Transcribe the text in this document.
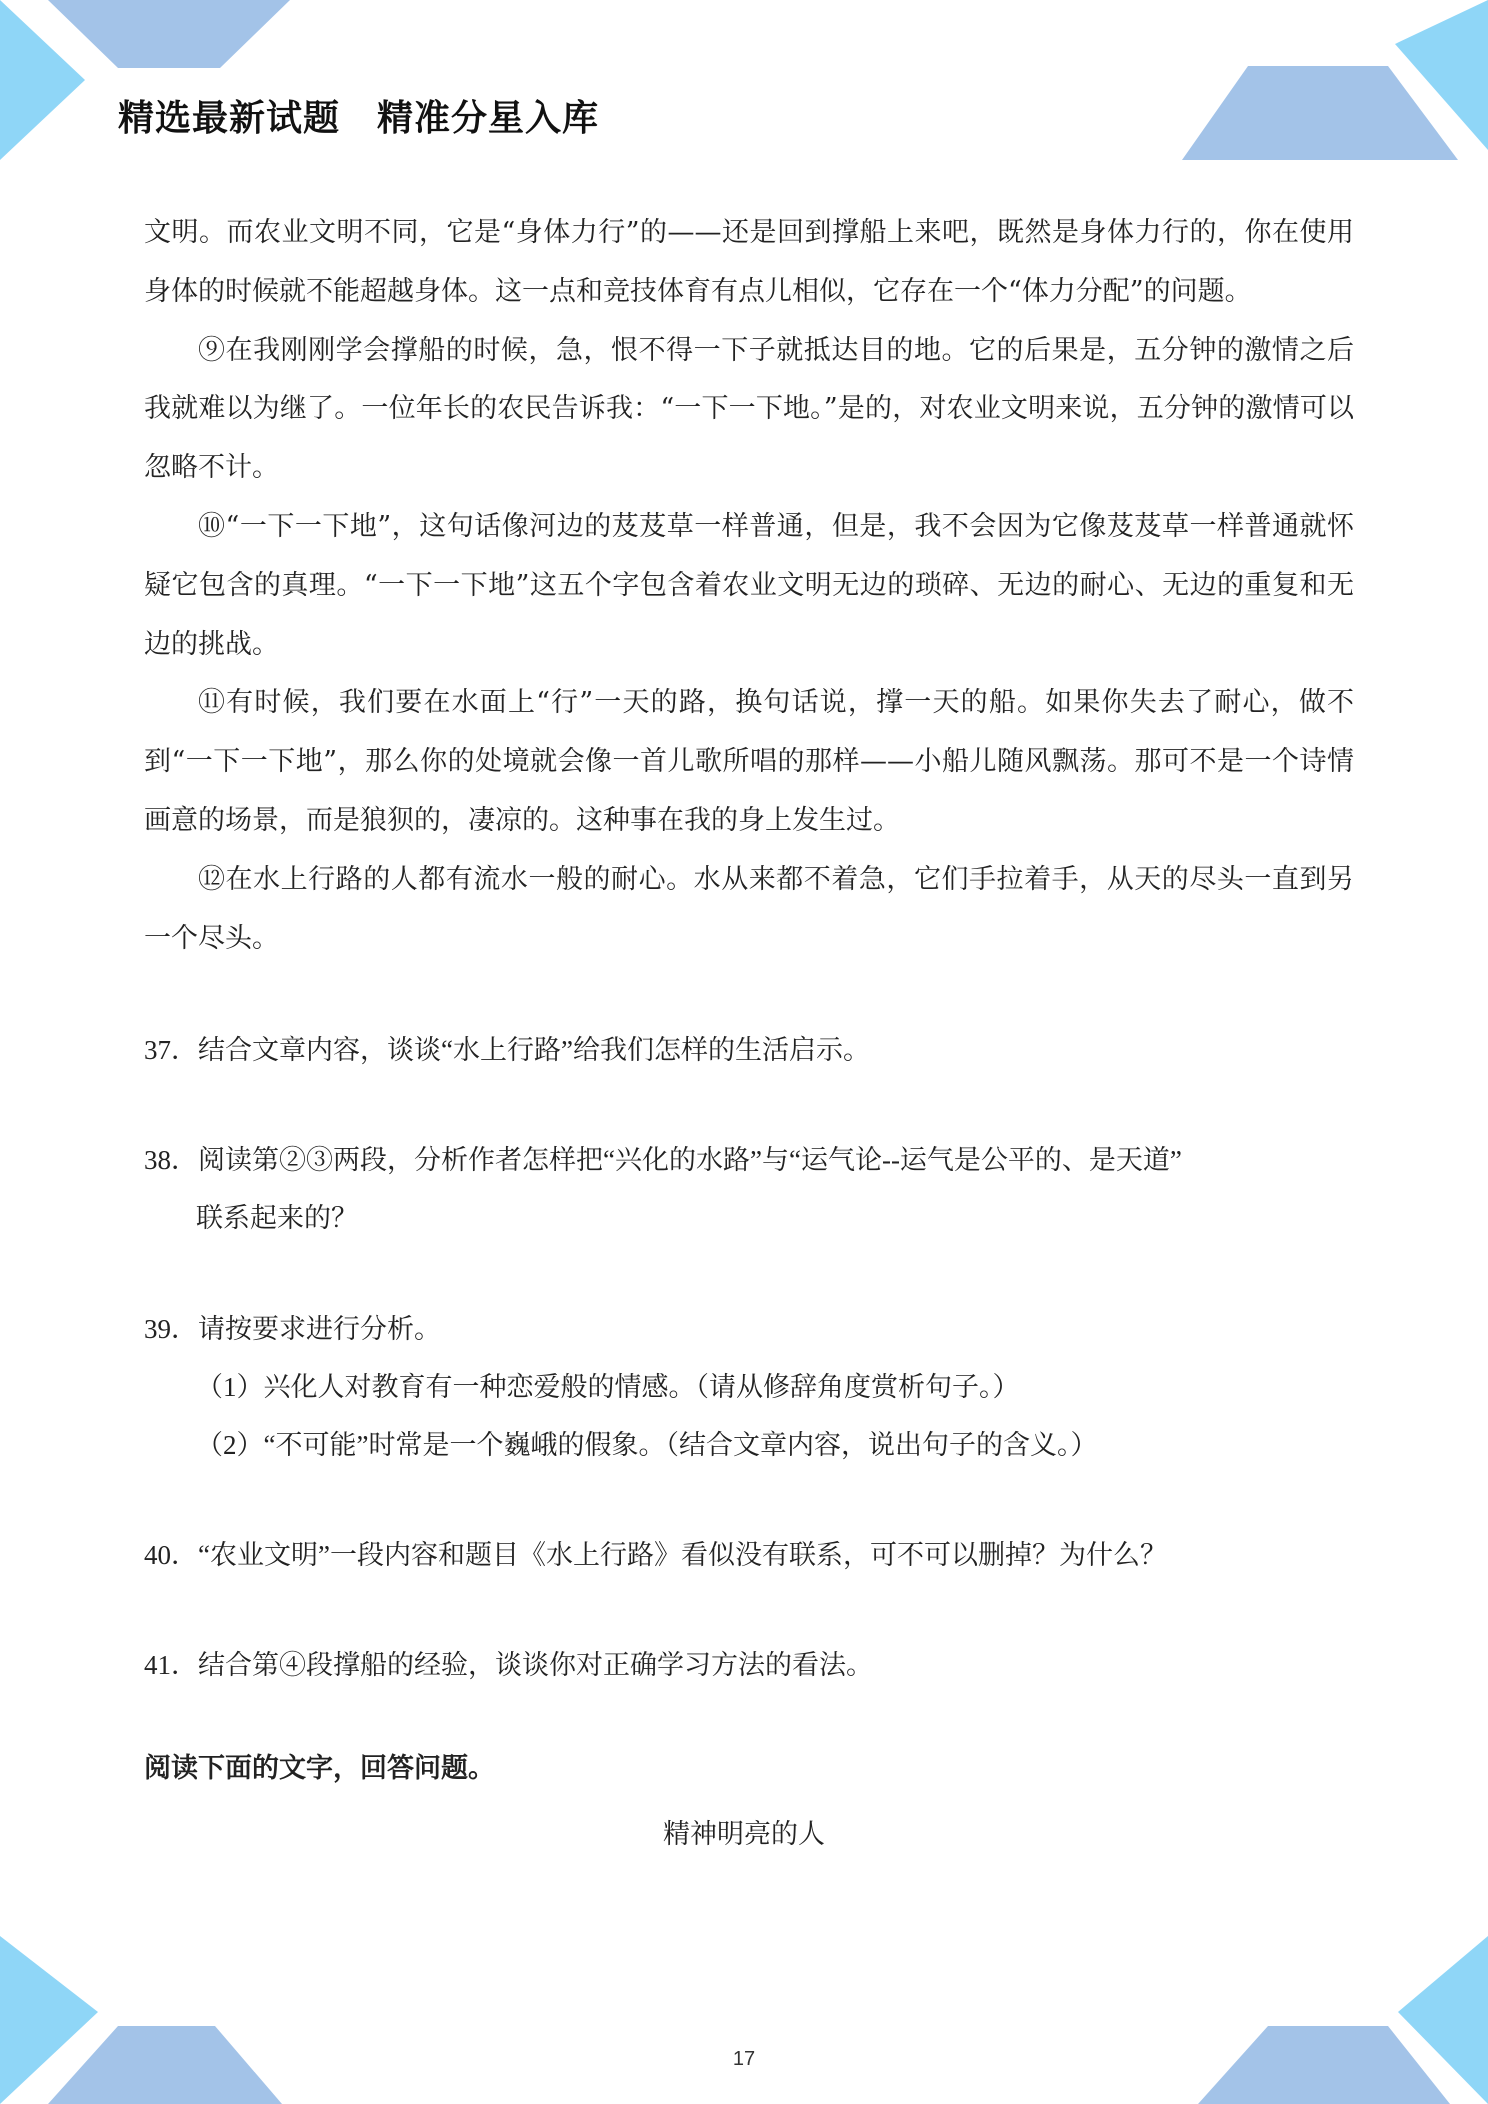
精选最新试题　精准分星入库

文明。而农业文明不同，它是“身体力行”的——还是回到撑船上来吧，既然是身体力行的，你在使用身体的时候就不能超越身体。这一点和竞技体育有点儿相似，它存在一个“体力分配”的问题。

⑨在我刚刚学会撑船的时候，急，恨不得一下子就抵达目的地。它的后果是，五分钟的激情之后我就难以为继了。一位年长的农民告诉我：“一下一下地。”是的，对农业文明来说，五分钟的激情可以忽略不计。

⑩“一下一下地”，这句话像河边的芨芨草一样普通，但是，我不会因为它像芨芨草一样普通就怀疑它包含的真理。“一下一下地”这五个字包含着农业文明无边的琐碎、无边的耐心、无边的重复和无边的挑战。

⑪有时候，我们要在水面上“行”一天的路，换句话说，撑一天的船。如果你失去了耐心，做不到“一下一下地”，那么你的处境就会像一首儿歌所唱的那样——小船儿随风飘荡。那可不是一个诗情画意的场景，而是狼狈的，凄凉的。这种事在我的身上发生过。

⑫在水上行路的人都有流水一般的耐心。水从来都不着急，它们手拉着手，从天的尽头一直到另一个尽头。

37．结合文章内容，谈谈“水上行路”给我们怎样的生活启示。

38．阅读第②③两段，分析作者怎样把“兴化的水路”与“运气论--运气是公平的、是天道”
联系起来的？

39．请按要求进行分析。

（1）兴化人对教育有一种恋爱般的情感。（请从修辞角度赏析句子。）

（2）“不可能”时常是一个巍峨的假象。（结合文章内容，说出句子的含义。）

40．“农业文明”一段内容和题目《水上行路》看似没有联系，可不可以删掉？为什么？

41．结合第④段撑船的经验，谈谈你对正确学习方法的看法。

阅读下面的文字，回答问题。

精神明亮的人

17
